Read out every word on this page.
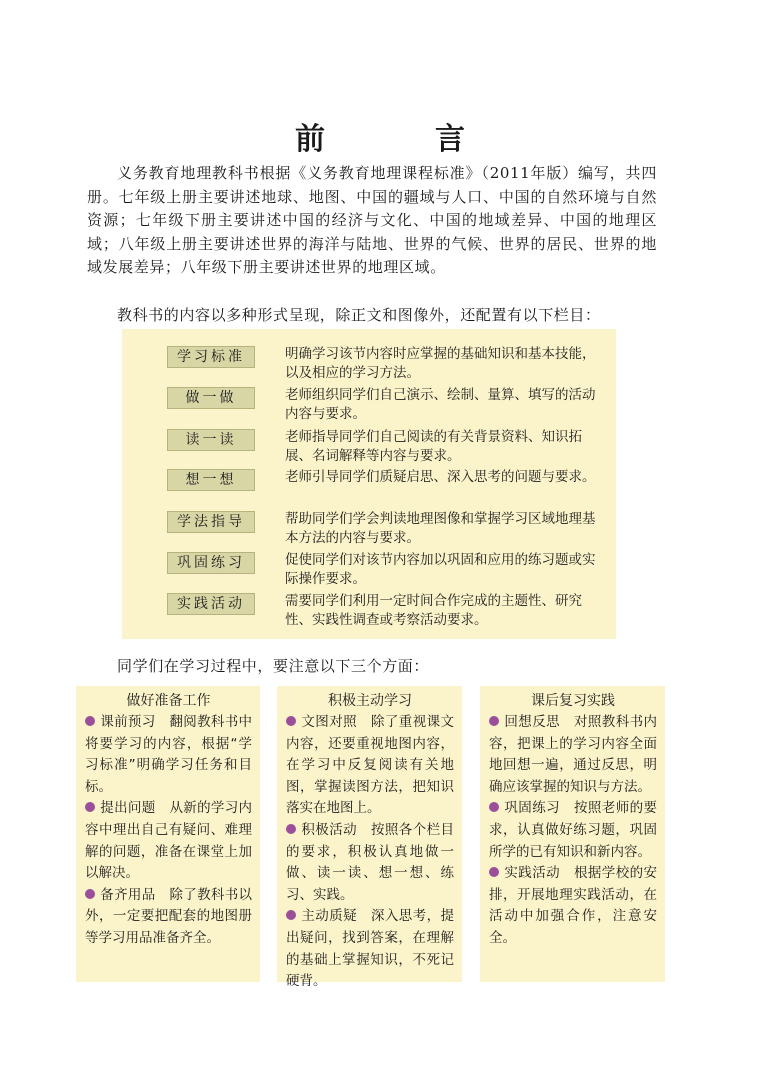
前　言
义务教育地理教科书根据《义务教育地理课程标准》（2011年版）编写，共四册。七年级上册主要讲述地球、地图、中国的疆域与人口、中国的自然环境与自然资源；七年级下册主要讲述中国的经济与文化、中国的地域差异、中国的地理区域；八年级上册主要讲述世界的海洋与陆地、世界的气候、世界的居民、世界的地域发展差异；八年级下册主要讲述世界的地理区域。
教科书的内容以多种形式呈现，除正文和图像外，还配置有以下栏目：
学习标准	明确学习该节内容时应掌握的基础知识和基本技能，以及相应的学习方法。
做一做	老师组织同学们自己演示、绘制、量算、填写的活动内容与要求。
读一读	老师指导同学们自己阅读的有关背景资料、知识拓展、名词解释等内容与要求。
想一想	老师引导同学们质疑启思、深入思考的问题与要求。
学法指导	帮助同学们学会判读地理图像和掌握学习区域地理基本方法的内容与要求。
巩固练习	促使同学们对该节内容加以巩固和应用的练习题或实际操作要求。
实践活动	需要同学们利用一定时间合作完成的主题性、研究性、实践性调查或考察活动要求。
同学们在学习过程中，要注意以下三个方面：
做好准备工作
课前预习 翻阅教科书中将要学习的内容，根据“学习标准”明确学习任务和目标。
提出问题 从新的学习内容中理出自己有疑问、难理解的问题，准备在课堂上加以解决。
备齐用品 除了教科书以外，一定要把配套的地图册等学习用品准备齐全。
积极主动学习
文图对照 除了重视课文内容，还要重视地图内容，在学习中反复阅读有关地图，掌握读图方法，把知识落实在地图上。
积极活动 按照各个栏目的要求，积极认真地做一做、读一读、想一想、练习、实践。
主动质疑 深入思考，提出疑问，找到答案，在理解的基础上掌握知识，不死记硬背。
课后复习实践
回想反思 对照教科书内容，把课上的学习内容全面地回想一遍，通过反思，明确应该掌握的知识与方法。
巩固练习 按照老师的要求，认真做好练习题，巩固所学的已有知识和新内容。
实践活动 根据学校的安排，开展地理实践活动，在活动中加强合作，注意安全。
